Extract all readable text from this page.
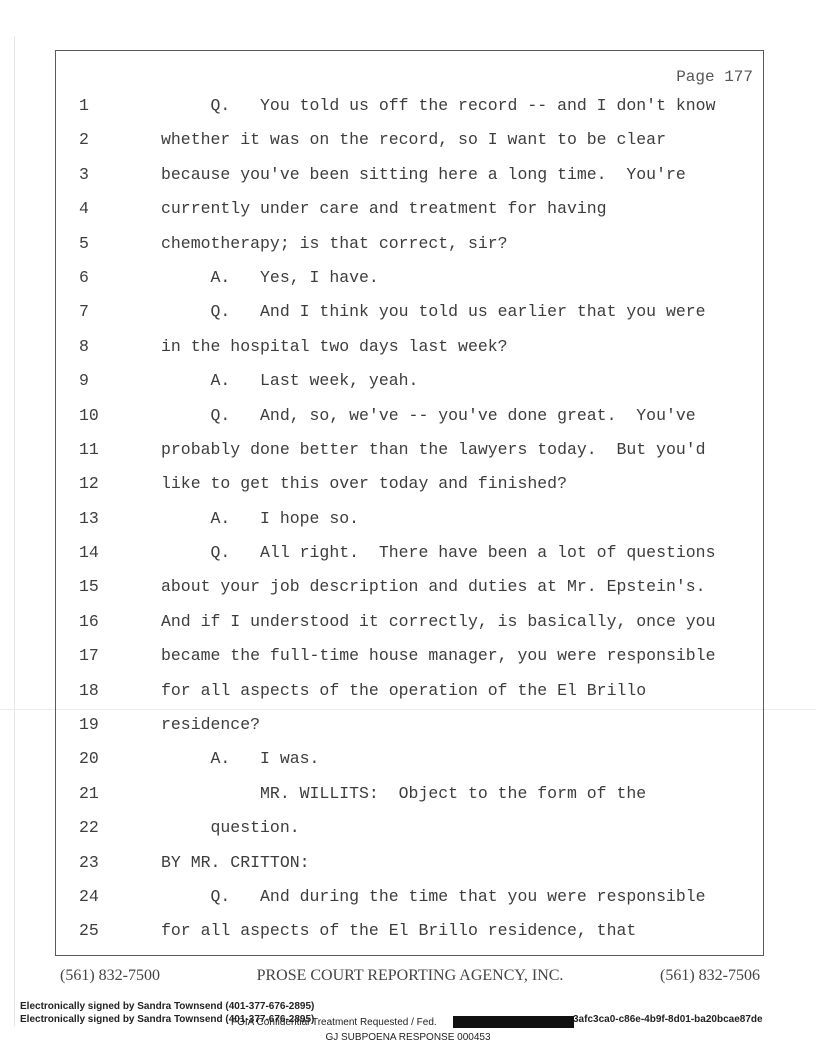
Page 177
1	Q.   You told us off the record -- and I don't know
2	whether it was on the record, so I want to be clear
3	because you've been sitting here a long time.  You're
4	currently under care and treatment for having
5	chemotherapy; is that correct, sir?
6	A.   Yes, I have.
7	Q.   And I think you told us earlier that you were
8	in the hospital two days last week?
9	A.   Last week, yeah.
10	Q.   And, so, we've -- you've done great.  You've
11	probably done better than the lawyers today.  But you'd
12	like to get this over today and finished?
13	A.   I hope so.
14	Q.   All right.  There have been a lot of questions
15	about your job description and duties at Mr. Epstein's.
16	And if I understood it correctly, is basically, once you
17	became the full-time house manager, you were responsible
18	for all aspects of the operation of the El Brillo
19	residence?
20	A.   I was.
21	MR. WILLITS:  Object to the form of the
22	question.
23	BY MR. CRITTON:
24	Q.   And during the time that you were responsible
25	for all aspects of the El Brillo residence, that
(561) 832-7500	PROSE COURT REPORTING AGENCY, INC.	(561) 832-7506
Electronically signed by Sandra Townsend (401-377-676-2895)
Electronically signed by Sandra Townsend (401-377-676-2895)
FOIA Confidential Treatment Requested / Fed.	3afc3ca0-c86e-4b9f-8d01-ba20bcae87de
GJ SUBPOENA RESPONSE 000453
